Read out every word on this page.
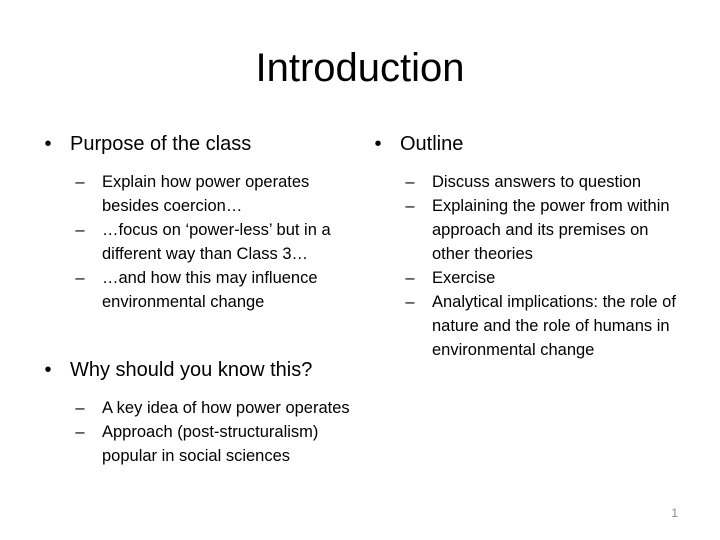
Introduction
• Purpose of the class
–	Explain how power operates besides coercion…
–	…focus on ‘power-less’ but in a different way than Class 3…
–	…and how this may influence environmental change
• Why should you know this?
–	A key idea of how power operates
–	Approach (post-structuralism) popular in social sciences
• Outline
–	Discuss answers to question
–	Explaining the power from within approach and its premises on other theories
–	Exercise
–	Analytical implications: the role of nature and the role of humans in environmental change
1
